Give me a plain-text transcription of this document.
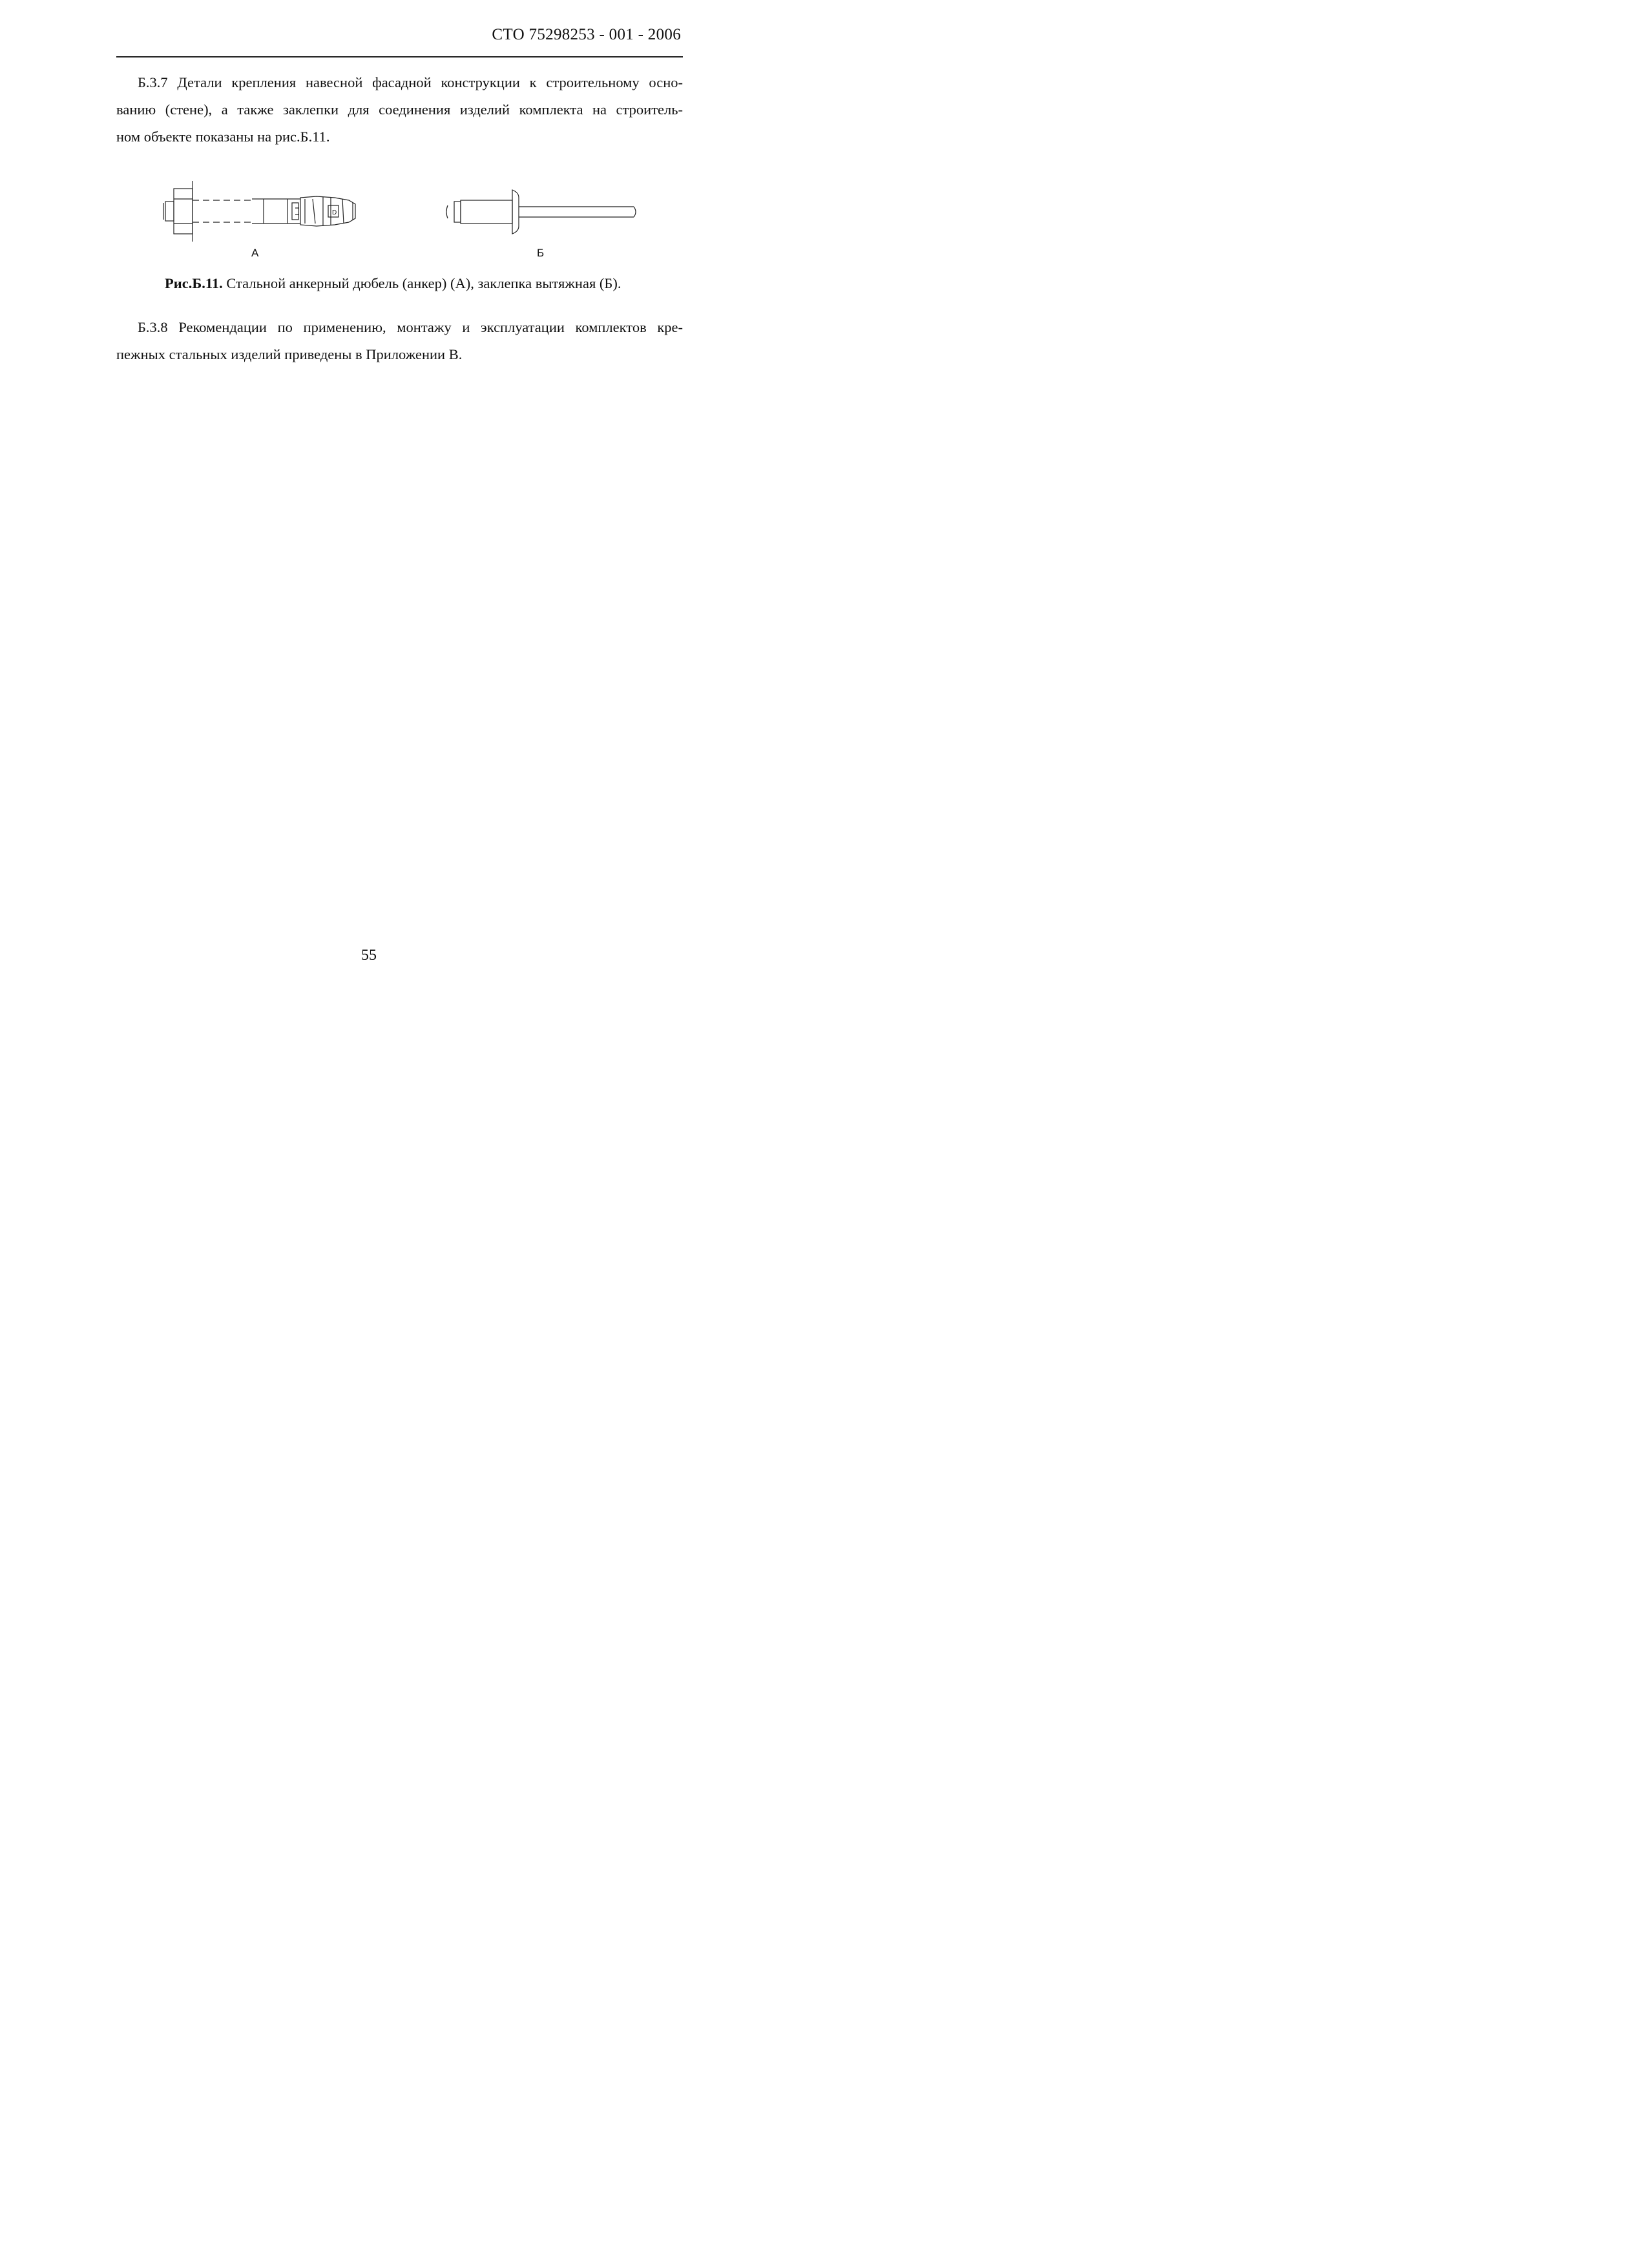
СТО 75298253 - 001 - 2006
Б.3.7 Детали крепления навесной фасадной конструкции к строительному осно-
ванию (стене), а также заклепки для соединения изделий комплекта на строитель-
ном объекте показаны на рис.Б.11.
D
А	Б
Рис.Б.11. Стальной анкерный дюбель (анкер) (А), заклепка вытяжная (Б).
Б.3.8 Рекомендации по применению, монтажу и эксплуатации комплектов кре-
пежных стальных изделий приведены в Приложении В.
55
